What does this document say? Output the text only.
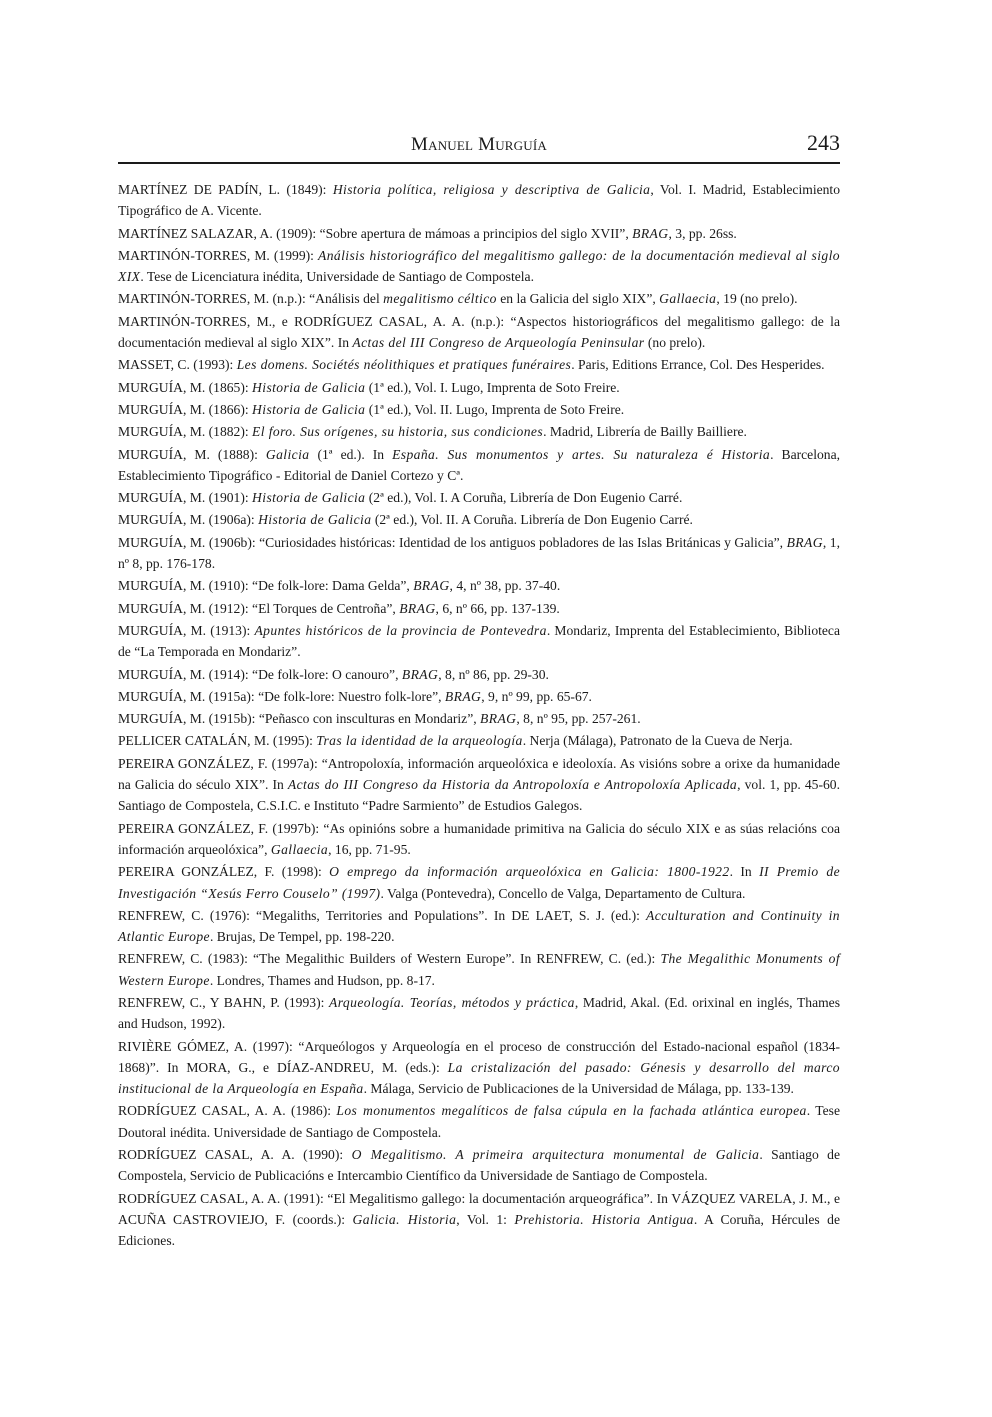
Manuel Murguía	243

MARTÍNEZ DE PADÍN, L. (1849): Historia política, religiosa y descriptiva de Galicia, Vol. I. Madrid, Establecimiento Tipográfico de A. Vicente.

MARTÍNEZ SALAZAR, A. (1909): “Sobre apertura de mámoas a principios del siglo XVII”, BRAG, 3, pp. 26ss.

MARTINÓN-TORRES, M. (1999): Análisis historiográfico del megalitismo gallego: de la documentación medieval al siglo XIX. Tese de Licenciatura inédita, Universidade de Santiago de Compostela.

MARTINÓN-TORRES, M. (n.p.): “Análisis del megalitismo céltico en la Galicia del siglo XIX”, Gallaecia, 19 (no prelo).

MARTINÓN-TORRES, M., e RODRÍGUEZ CASAL, A. A. (n.p.): “Aspectos historiográficos del megalitismo gallego: de la documentación medieval al siglo XIX”. In Actas del III Congreso de Arqueología Peninsular (no prelo).

MASSET, C. (1993): Les domens. Sociétés néolithiques et pratiques funéraires. Paris, Editions Errance, Col. Des Hesperides.

MURGUÍA, M. (1865): Historia de Galicia (1ª ed.), Vol. I. Lugo, Imprenta de Soto Freire.

MURGUÍA, M. (1866): Historia de Galicia (1ª ed.), Vol. II. Lugo, Imprenta de Soto Freire.

MURGUÍA, M. (1882): El foro. Sus orígenes, su historia, sus condiciones. Madrid, Librería de Bailly Bailliere.

MURGUÍA, M. (1888): Galicia (1ª ed.). In España. Sus monumentos y artes. Su naturaleza é Historia. Barcelona, Establecimiento Tipográfico - Editorial de Daniel Cortezo y Cª.

MURGUÍA, M. (1901): Historia de Galicia (2ª ed.), Vol. I. A Coruña, Librería de Don Eugenio Carré.

MURGUÍA, M. (1906a): Historia de Galicia (2ª ed.), Vol. II. A Coruña. Librería de Don Eugenio Carré.

MURGUÍA, M. (1906b): “Curiosidades históricas: Identidad de los antiguos pobladores de las Islas Británicas y Galicia”, BRAG, 1, nº 8, pp. 176-178.

MURGUÍA, M. (1910): “De folk-lore: Dama Gelda”, BRAG, 4, nº 38, pp. 37-40.

MURGUÍA, M. (1912): “El Torques de Centroña”, BRAG, 6, nº 66, pp. 137-139.

MURGUÍA, M. (1913): Apuntes históricos de la provincia de Pontevedra. Mondariz, Imprenta del Establecimiento, Biblioteca de “La Temporada en Mondariz”.

MURGUÍA, M. (1914): “De folk-lore: O canouro”, BRAG, 8, nº 86, pp. 29-30.

MURGUÍA, M. (1915a): “De folk-lore: Nuestro folk-lore”, BRAG, 9, nº 99, pp. 65-67.

MURGUÍA, M. (1915b): “Peñasco con insculturas en Mondariz”, BRAG, 8, nº 95, pp. 257-261.

PELLICER CATALÁN, M. (1995): Tras la identidad de la arqueología. Nerja (Málaga), Patronato de la Cueva de Nerja.

PEREIRA GONZÁLEZ, F. (1997a): “Antropoloxía, información arqueolóxica e ideoloxía. As visións sobre a orixe da humanidade na Galicia do século XIX”. In Actas do III Congreso da Historia da Antropoloxía e Antropoloxía Aplicada, vol. 1, pp. 45-60. Santiago de Compostela, C.S.I.C. e Instituto “Padre Sarmiento” de Estudios Galegos.

PEREIRA GONZÁLEZ, F. (1997b): “As opinións sobre a humanidade primitiva na Galicia do século XIX e as súas relacións coa información arqueolóxica”, Gallaecia, 16, pp. 71-95.

PEREIRA GONZÁLEZ, F. (1998): O emprego da información arqueolóxica en Galicia: 1800-1922. In II Premio de Investigación “Xesús Ferro Couselo” (1997). Valga (Pontevedra), Concello de Valga, Departamento de Cultura.

RENFREW, C. (1976): “Megaliths, Territories and Populations”. In DE LAET, S. J. (ed.): Acculturation and Continuity in Atlantic Europe. Brujas, De Tempel, pp. 198-220.

RENFREW, C. (1983): “The Megalithic Builders of Western Europe”. In RENFREW, C. (ed.): The Megalithic Monuments of Western Europe. Londres, Thames and Hudson, pp. 8-17.

RENFREW, C., Y BAHN, P. (1993): Arqueología. Teorías, métodos y práctica, Madrid, Akal. (Ed. orixinal en inglés, Thames and Hudson, 1992).

RIVIÈRE GÓMEZ, A. (1997): “Arqueólogos y Arqueología en el proceso de construcción del Estado-nacional español (1834-1868)”. In MORA, G., e DÍAZ-ANDREU, M. (eds.): La cristalización del pasado: Génesis y desarrollo del marco institucional de la Arqueología en España. Málaga, Servicio de Publicaciones de la Universidad de Málaga, pp. 133-139.

RODRÍGUEZ CASAL, A. A. (1986): Los monumentos megalíticos de falsa cúpula en la fachada atlántica europea. Tese Doutoral inédita. Universidade de Santiago de Compostela.

RODRÍGUEZ CASAL, A. A. (1990): O Megalitismo. A primeira arquitectura monumental de Galicia. Santiago de Compostela, Servicio de Publicacións e Intercambio Científico da Universidade de Santiago de Compostela.

RODRÍGUEZ CASAL, A. A. (1991): “El Megalitismo gallego: la documentación arqueográfica”. In VÁZQUEZ VARELA, J. M., e ACUÑA CASTROVIEJO, F. (coords.): Galicia. Historia, Vol. 1: Prehistoria. Historia Antigua. A Coruña, Hércules de Ediciones.
